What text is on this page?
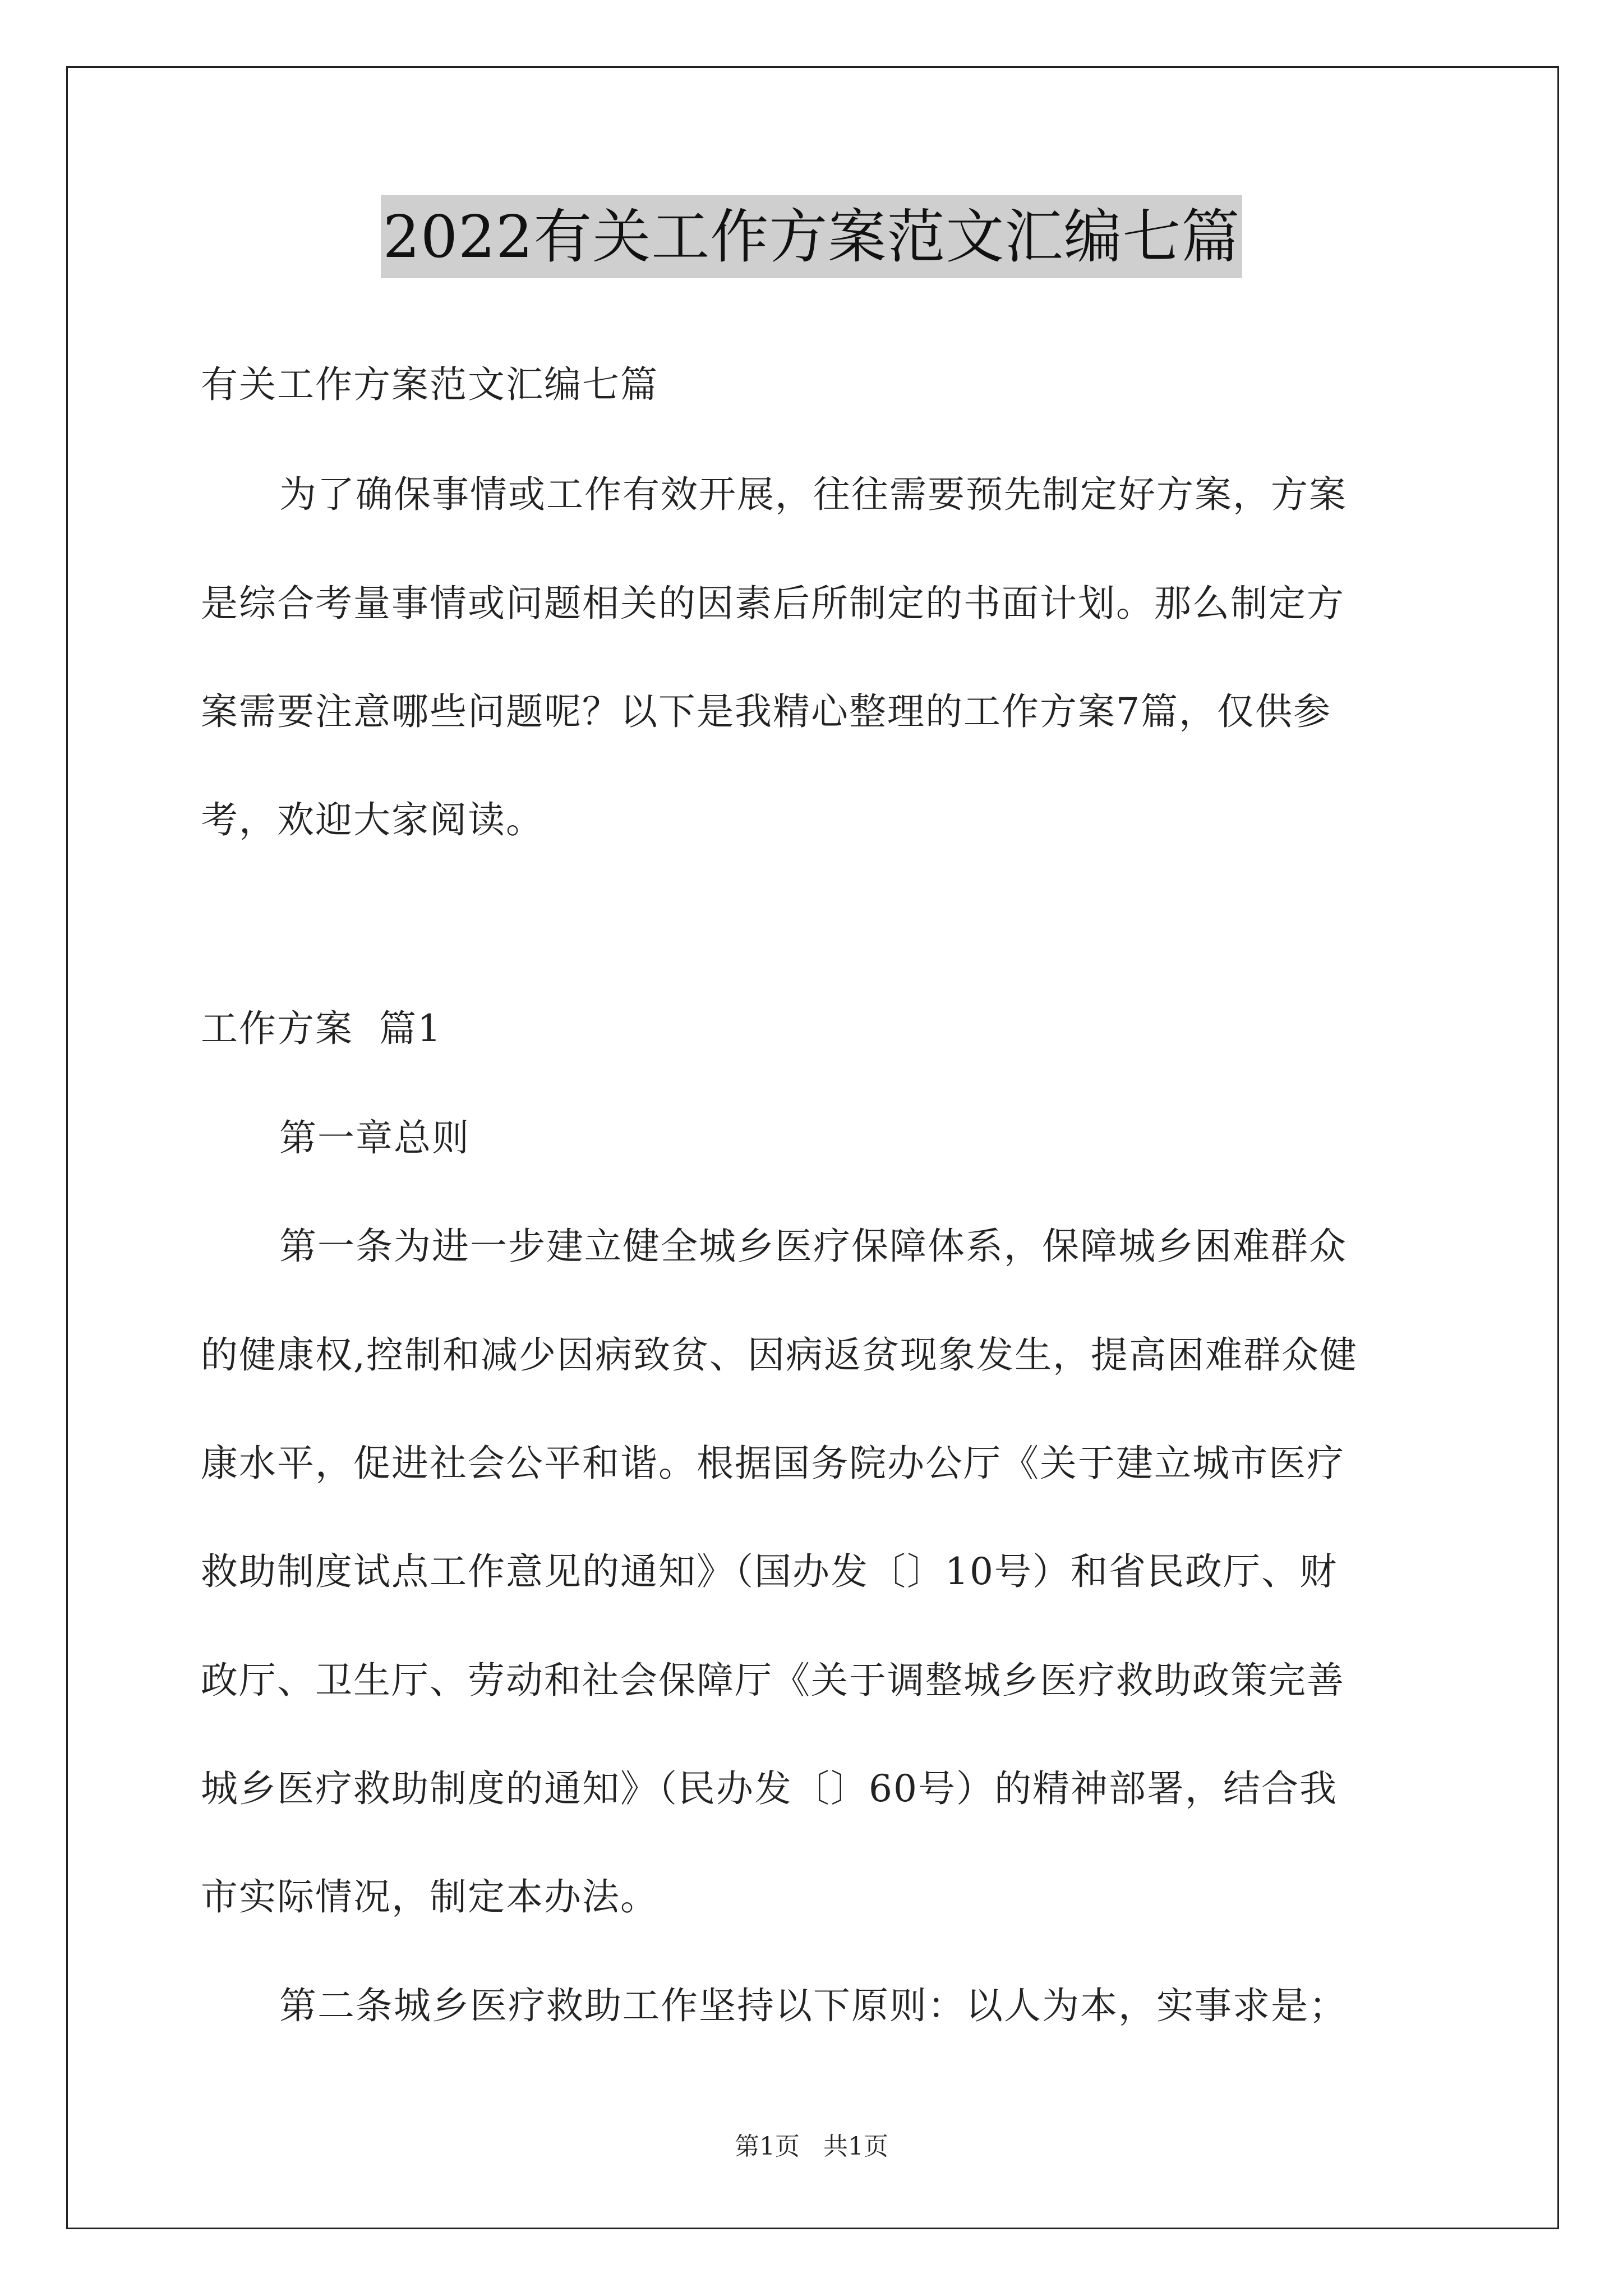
2022有关工作方案范文汇编七篇
有关工作方案范文汇编七篇
为了确保事情或工作有效开展，往往需要预先制定好方案，方案
是综合考量事情或问题相关的因素后所制定的书面计划。那么制定方
案需要注意哪些问题呢？以下是我精心整理的工作方案7篇，仅供参
考，欢迎大家阅读。
工作方案  篇1
第一章总则
第一条为进一步建立健全城乡医疗保障体系，保障城乡困难群众
的健康权,控制和减少因病致贫、因病返贫现象发生，提高困难群众健
康水平，促进社会公平和谐。根据国务院办公厅《关于建立城市医疗
救助制度试点工作意见的通知》（国办发〔〕10号）和省民政厅、财
政厅、卫生厅、劳动和社会保障厅《关于调整城乡医疗救助政策完善
城乡医疗救助制度的通知》（民办发〔〕60号）的精神部署，结合我
市实际情况，制定本办法。
第二条城乡医疗救助工作坚持以下原则：以人为本，实事求是；
第1页   共1页
